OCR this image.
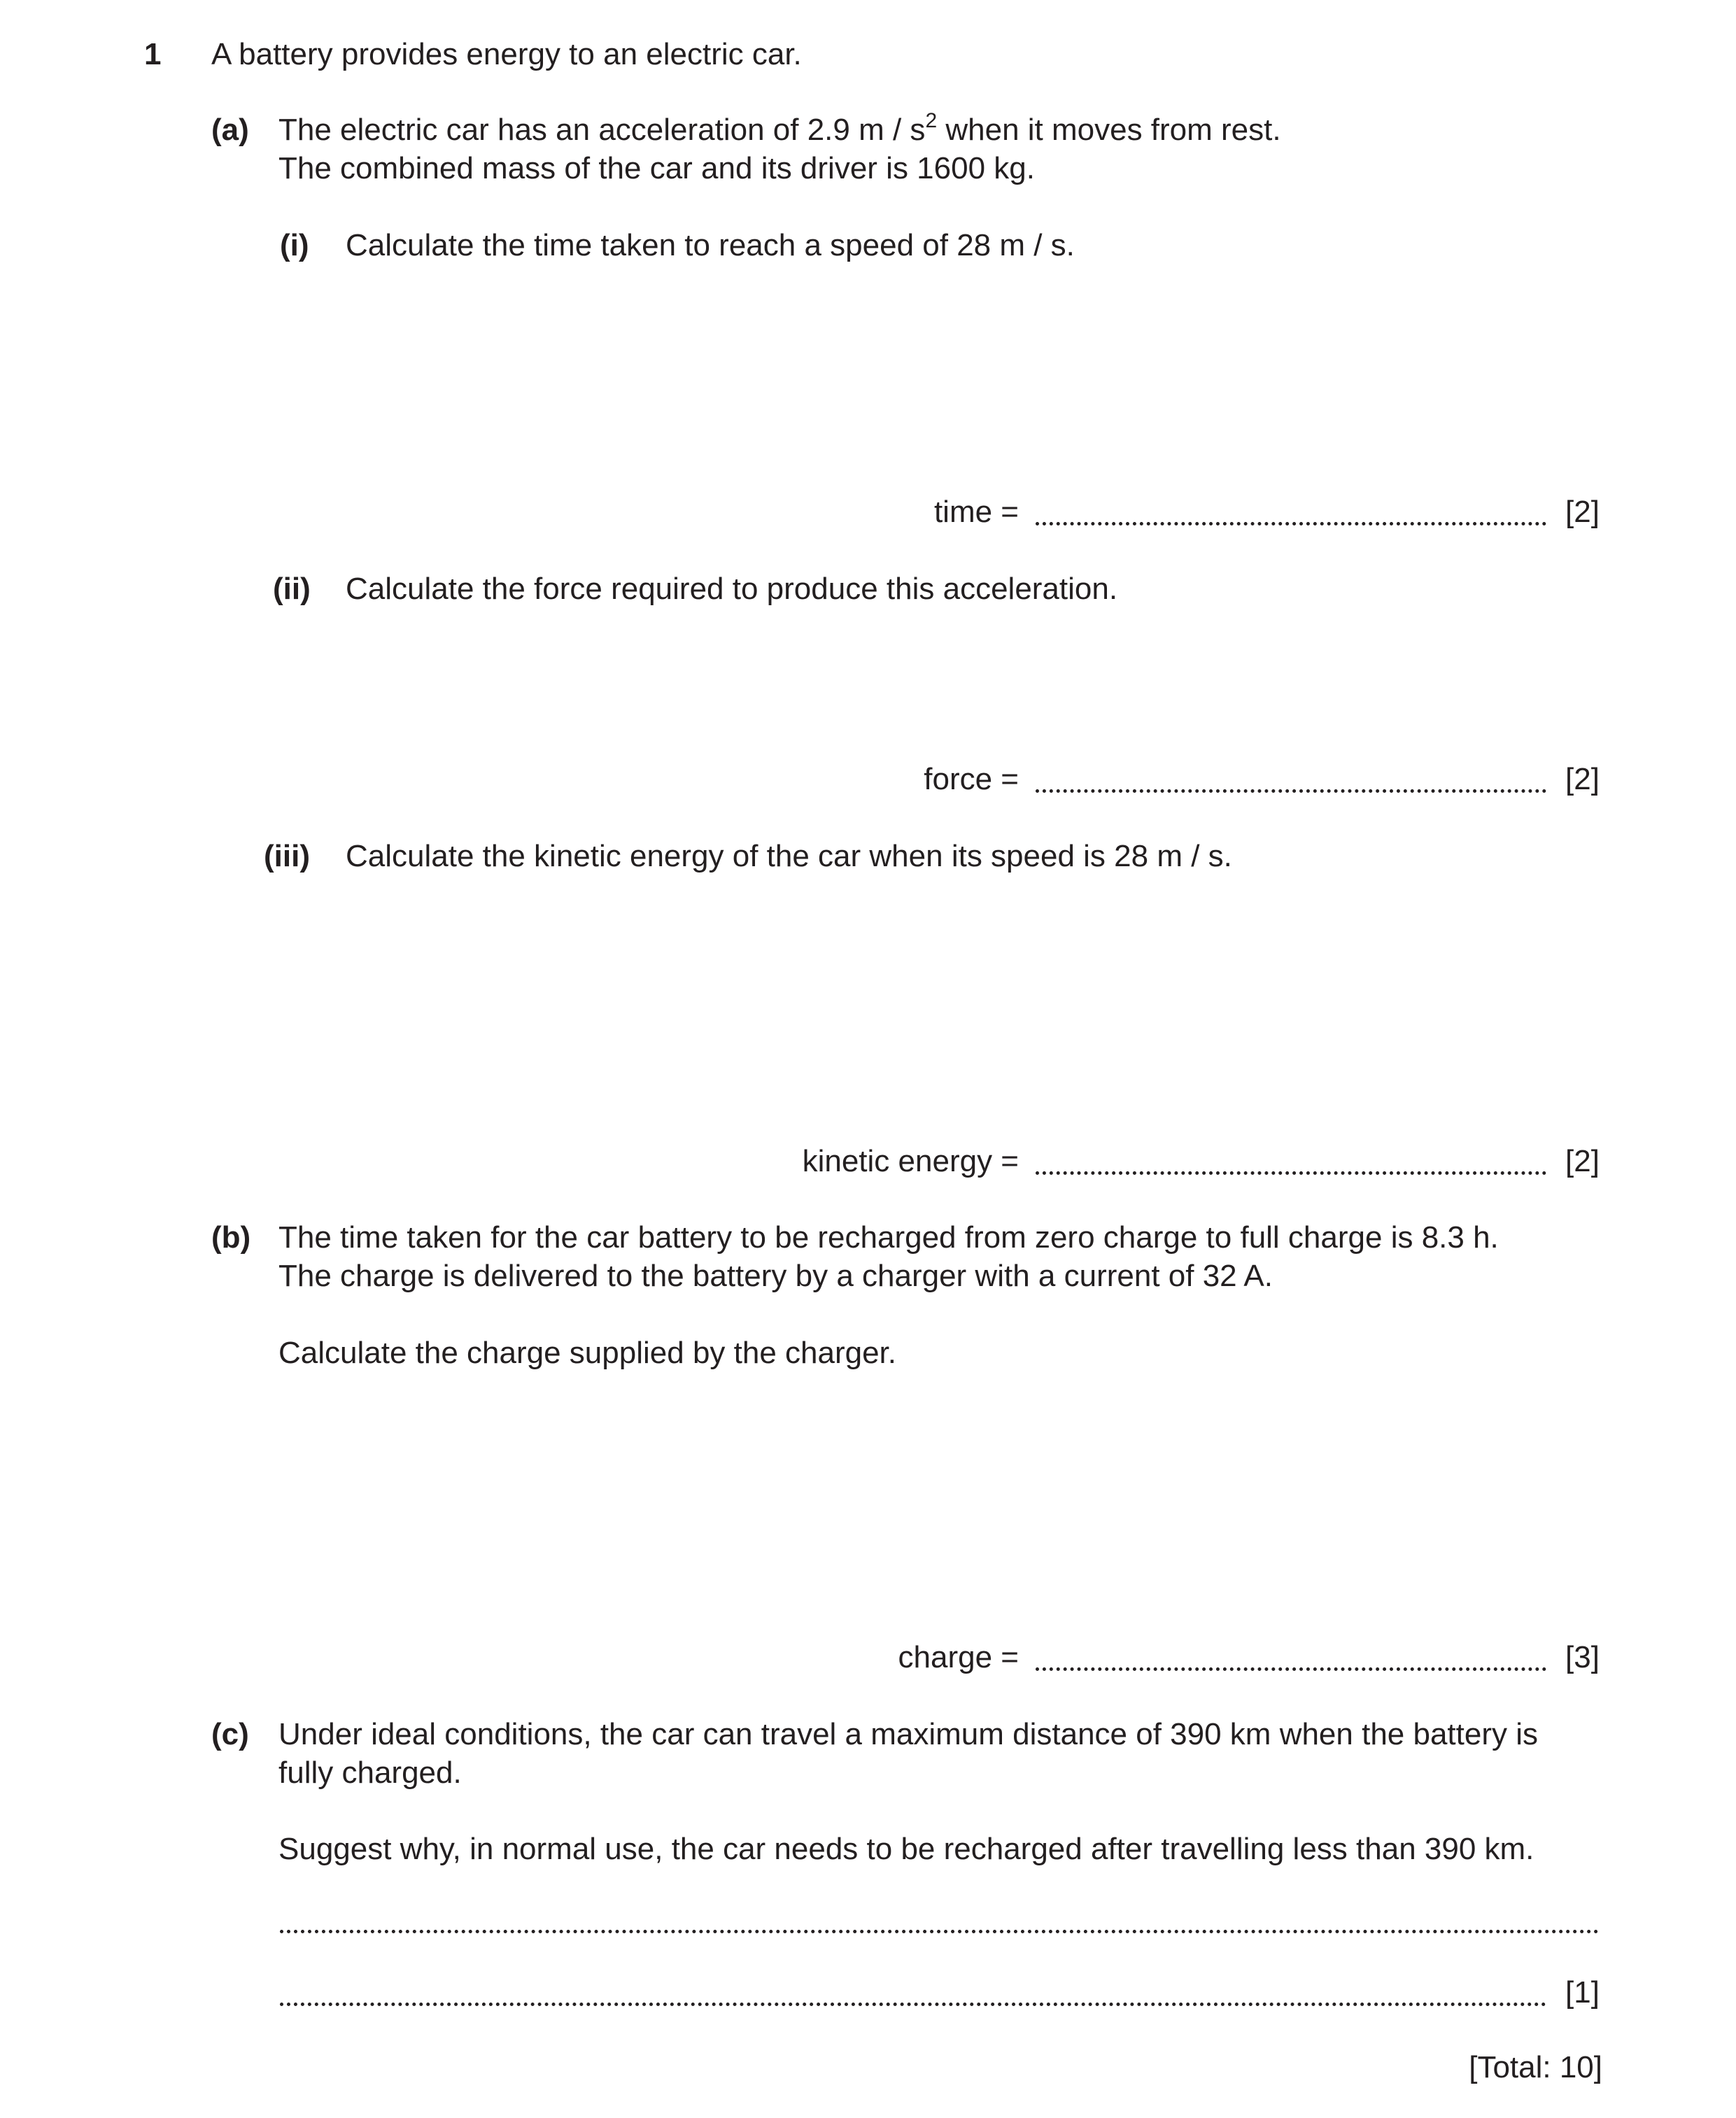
1 A battery provides energy to an electric car.
(a) The electric car has an acceleration of 2.9 m / $s^2$ when it moves from rest.
The combined mass of the car and its driver is 1600 kg.
(i) Calculate the time taken to reach a speed of 28 m / s.
time =	[2]
(ii) Calculate the force required to produce this acceleration.
force =	[2]
(iii) Calculate the kinetic energy of the car when its speed is 28 m / s.
kinetic energy =	[2]
(b) The time taken for the car battery to be recharged from zero charge to full charge is 8.3 h.
The charge is delivered to the battery by a charger with a current of 32 A.
Calculate the charge supplied by the charger.
charge =	[3]
(c) Under ideal conditions, the car can travel a maximum distance of 390 km when the battery is
fully charged.
Suggest why, in normal use, the car needs to be recharged after travelling less than 390 km.
[1]
[Total: 10]
